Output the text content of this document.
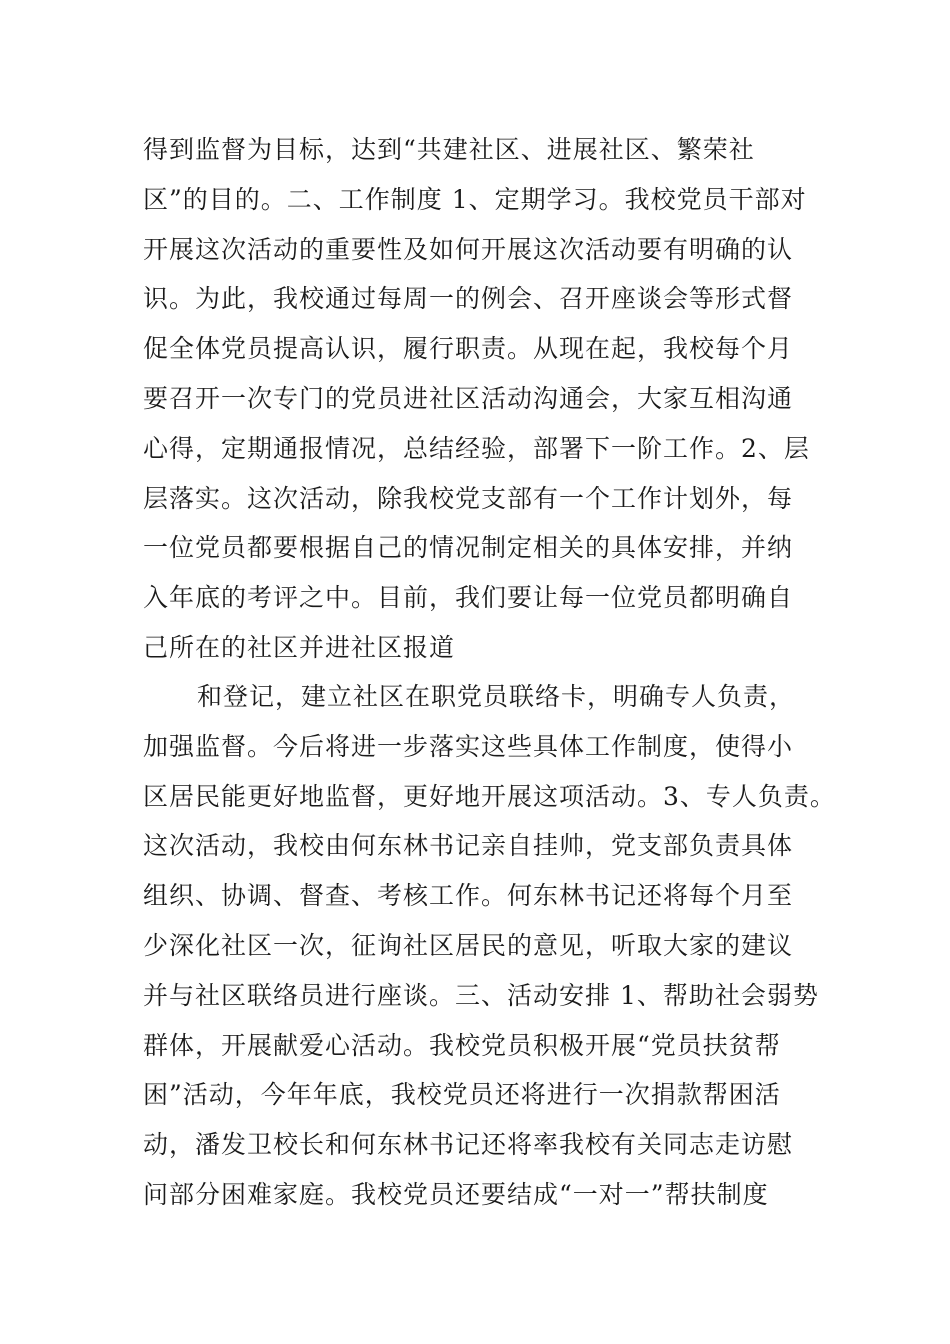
得到监督为目标，达到“共建社区、进展社区、繁荣社
区”的目的。二、工作制度 1、定期学习。我校党员干部对
开展这次活动的重要性及如何开展这次活动要有明确的认
识。为此，我校通过每周一的例会、召开座谈会等形式督
促全体党员提高认识，履行职责。从现在起，我校每个月
要召开一次专门的党员进社区活动沟通会，大家互相沟通
心得，定期通报情况，总结经验，部署下一阶工作。2、层
层落实。这次活动，除我校党支部有一个工作计划外，每
一位党员都要根据自己的情况制定相关的具体安排，并纳
入年底的考评之中。目前，我们要让每一位党员都明确自
己所在的社区并进社区报道
和登记，建立社区在职党员联络卡，明确专人负责，
加强监督。今后将进一步落实这些具体工作制度，使得小
区居民能更好地监督，更好地开展这项活动。3、专人负责。
这次活动，我校由何东林书记亲自挂帅，党支部负责具体
组织、协调、督查、考核工作。何东林书记还将每个月至
少深化社区一次，征询社区居民的意见，听取大家的建议
并与社区联络员进行座谈。三、活动安排 1、帮助社会弱势
群体，开展献爱心活动。我校党员积极开展“党员扶贫帮
困”活动，今年年底，我校党员还将进行一次捐款帮困活
动，潘发卫校长和何东林书记还将率我校有关同志走访慰
问部分困难家庭。我校党员还要结成“一对一”帮扶制度
